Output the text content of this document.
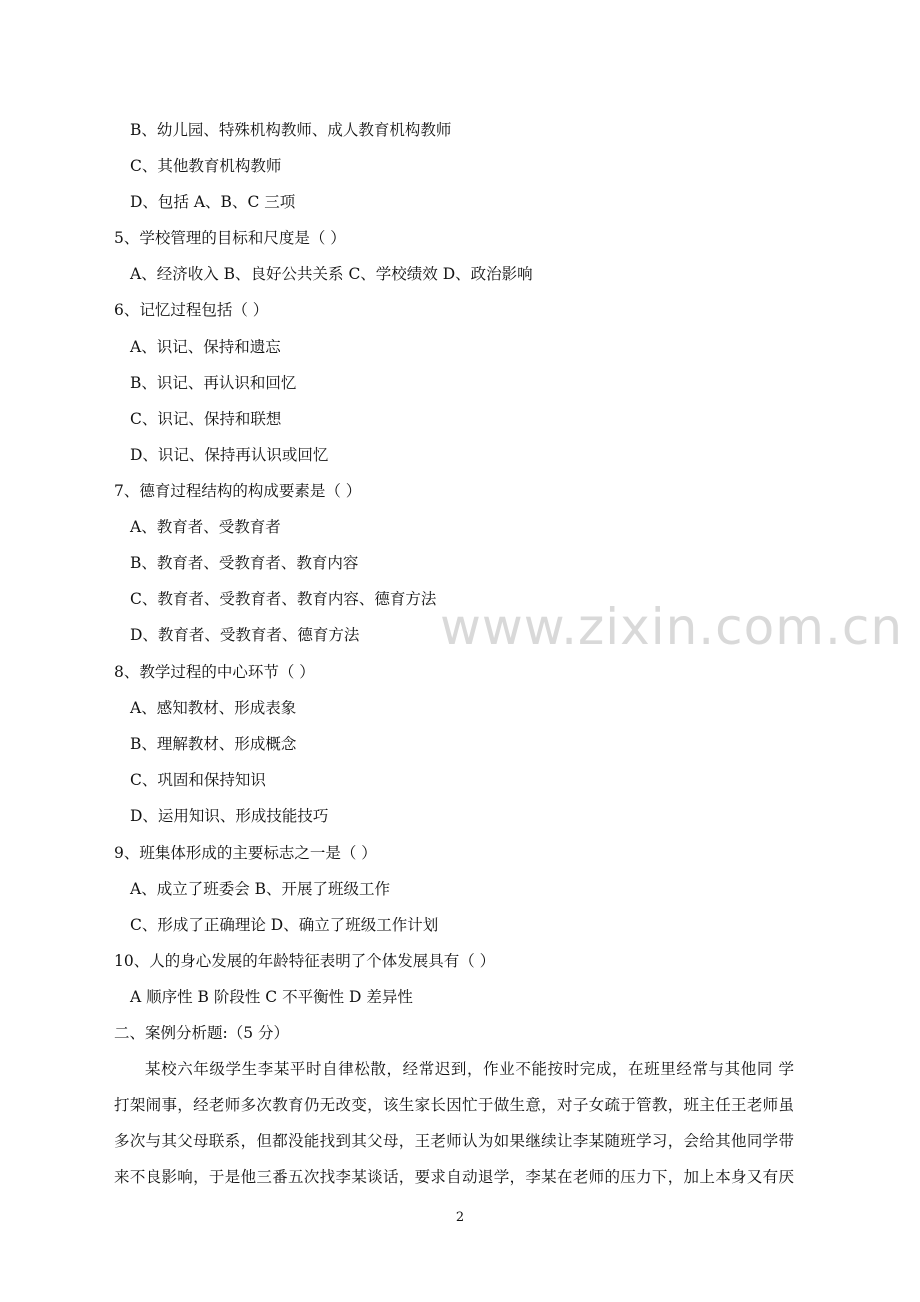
B、幼儿园、特殊机构教师、成人教育机构教师
C、其他教育机构教师
D、包括 A、B、C 三项
5、学校管理的目标和尺度是（ ）
A、经济收入 B、良好公共关系 C、学校绩效 D、政治影响
6、记忆过程包括（ ）
A、识记、保持和遗忘
B、识记、再认识和回忆
C、识记、保持和联想
D、识记、保持再认识或回忆
7、德育过程结构的构成要素是（ ）
A、教育者、受教育者
B、教育者、受教育者、教育内容
C、教育者、受教育者、教育内容、德育方法
D、教育者、受教育者、德育方法
8、教学过程的中心环节（ ）
A、感知教材、形成表象
B、理解教材、形成概念
C、巩固和保持知识
D、运用知识、形成技能技巧
9、班集体形成的主要标志之一是（ ）
A、成立了班委会 B、开展了班级工作
C、形成了正确理论 D、确立了班级工作计划
10、人的身心发展的年龄特征表明了个体发展具有（ ）
A 顺序性 B 阶段性 C 不平衡性 D 差异性
二、案例分析题:（5 分）
某校六年级学生李某平时自律松散，经常迟到，作业不能按时完成，在班里经常与其他同 学
打架闹事，经老师多次教育仍无改变，该生家长因忙于做生意，对子女疏于管教，班主任王老师虽
多次与其父母联系，但都没能找到其父母，王老师认为如果继续让李某随班学习，会给其他同学带
来不良影响，于是他三番五次找李某谈话，要求自动退学，李某在老师的压力下，加上本身又有厌
www.zixin.com.cn
2
